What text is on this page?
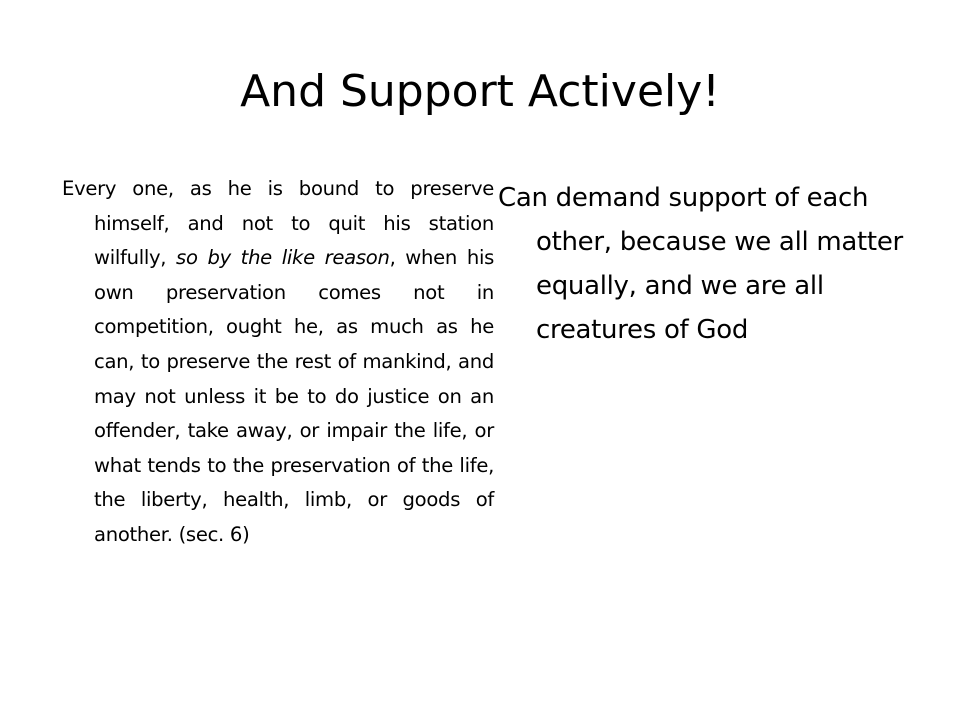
And Support Actively!

Every one, as he is bound to preserve himself, and not to quit his station wilfully, so by the like reason, when his own preservation comes not in competition, ought he, as much as he can, to preserve the rest of mankind, and may not unless it be to do justice on an offender, take away, or impair the life, or what tends to the preservation of the life, the liberty, health, limb, or goods of another. (sec. 6)

Can demand support of each other, because we all matter equally, and we are all creatures of God
